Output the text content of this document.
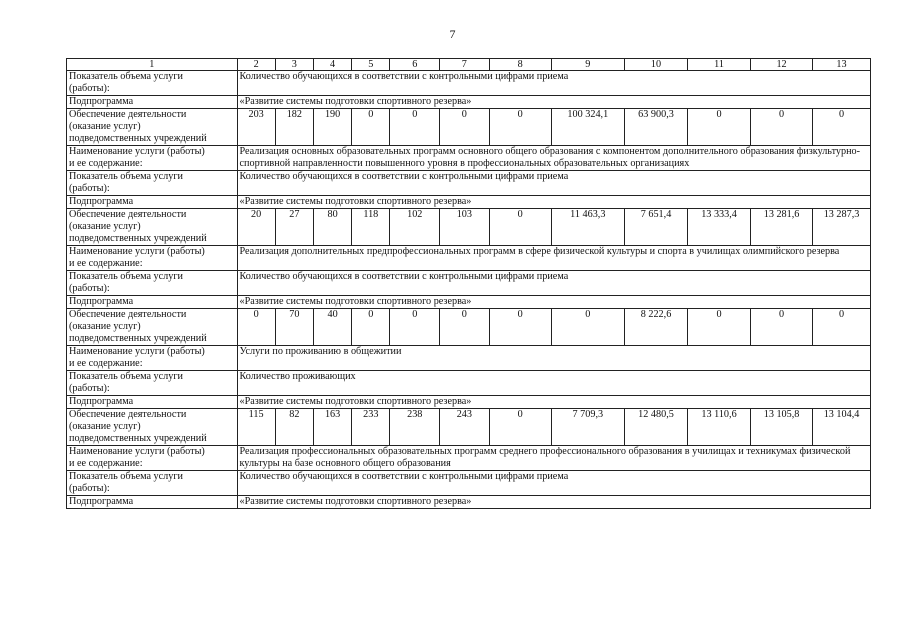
7
1	2	3	4	5	6	7	8	9	10	11	12	13
Показатель объема услуги
(работы):	Количество обучающихся в соответствии с контрольными цифрами приема											
Подпрограмма	«Развитие системы подготовки спортивного резерва»											
Обеспечение деятельности
(оказание услуг)
подведомственных учреждений	203	182	190	0	0	0	0	100 324,1	63 900,3	0	0	0
Наименование услуги (работы)
и ее содержание:	Реализация основных образовательных программ основного общего образования с компонентом дополнительного образования физкультурно-спортивной направленности повышенного уровня в профессиональных образовательных организациях											
Показатель объема услуги
(работы):	Количество обучающихся в соответствии с контрольными цифрами приема											
Подпрограмма	«Развитие системы подготовки спортивного резерва»											
Обеспечение деятельности
(оказание услуг)
подведомственных учреждений	20	27	80	118	102	103	0	11 463,3	7 651,4	13 333,4	13 281,6	13 287,3
Наименование услуги (работы)
и ее содержание:	Реализация дополнительных предпрофессиональных программ в сфере физической культуры и спорта в училищах олимпийского резерва											
Показатель объема услуги
(работы):	Количество обучающихся в соответствии с контрольными цифрами приема											
Подпрограмма	«Развитие системы подготовки спортивного резерва»											
Обеспечение деятельности
(оказание услуг)
подведомственных учреждений	0	70	40	0	0	0	0	0	8 222,6	0	0	0
Наименование услуги (работы)
и ее содержание:	Услуги по проживанию в общежитии											
Показатель объема услуги
(работы):	Количество проживающих											
Подпрограмма	«Развитие системы подготовки спортивного резерва»											
Обеспечение деятельности
(оказание услуг)
подведомственных учреждений	115	82	163	233	238	243	0	7 709,3	12 480,5	13 110,6	13 105,8	13 104,4
Наименование услуги (работы)
и ее содержание:	Реализация профессиональных образовательных программ среднего профессионального образования в училищах и техникумах физической культуры на базе основного общего образования											
Показатель объема услуги
(работы):	Количество обучающихся в соответствии с контрольными цифрами приема											
Подпрограмма	«Развитие системы подготовки спортивного резерва»											
